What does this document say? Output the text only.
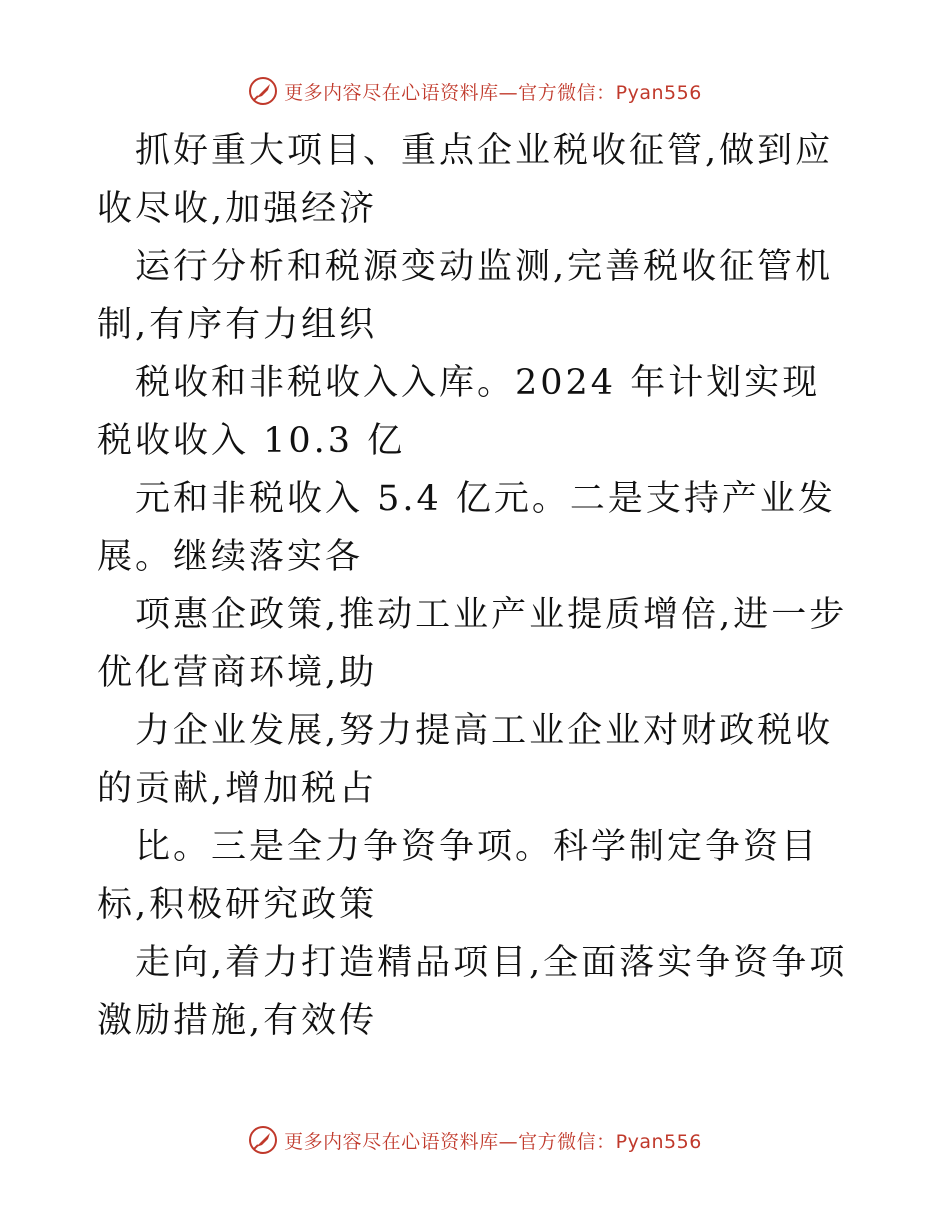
更多内容尽在心语资料库—官方微信：Pyan556

抓好重大项目、重点企业税收征管,做到应收尽收,加强经济

运行分析和税源变动监测,完善税收征管机制,有序有力组织

税收和非税收入入库。2024 年计划实现税收收入 10.3 亿

元和非税收入 5.4 亿元。二是支持产业发展。继续落实各

项惠企政策,推动工业产业提质增倍,进一步优化营商环境,助

力企业发展,努力提高工业企业对财政税收的贡献,增加税占

比。三是全力争资争项。科学制定争资目标,积极研究政策

走向,着力打造精品项目,全面落实争资争项激励措施,有效传

更多内容尽在心语资料库—官方微信：Pyan556
